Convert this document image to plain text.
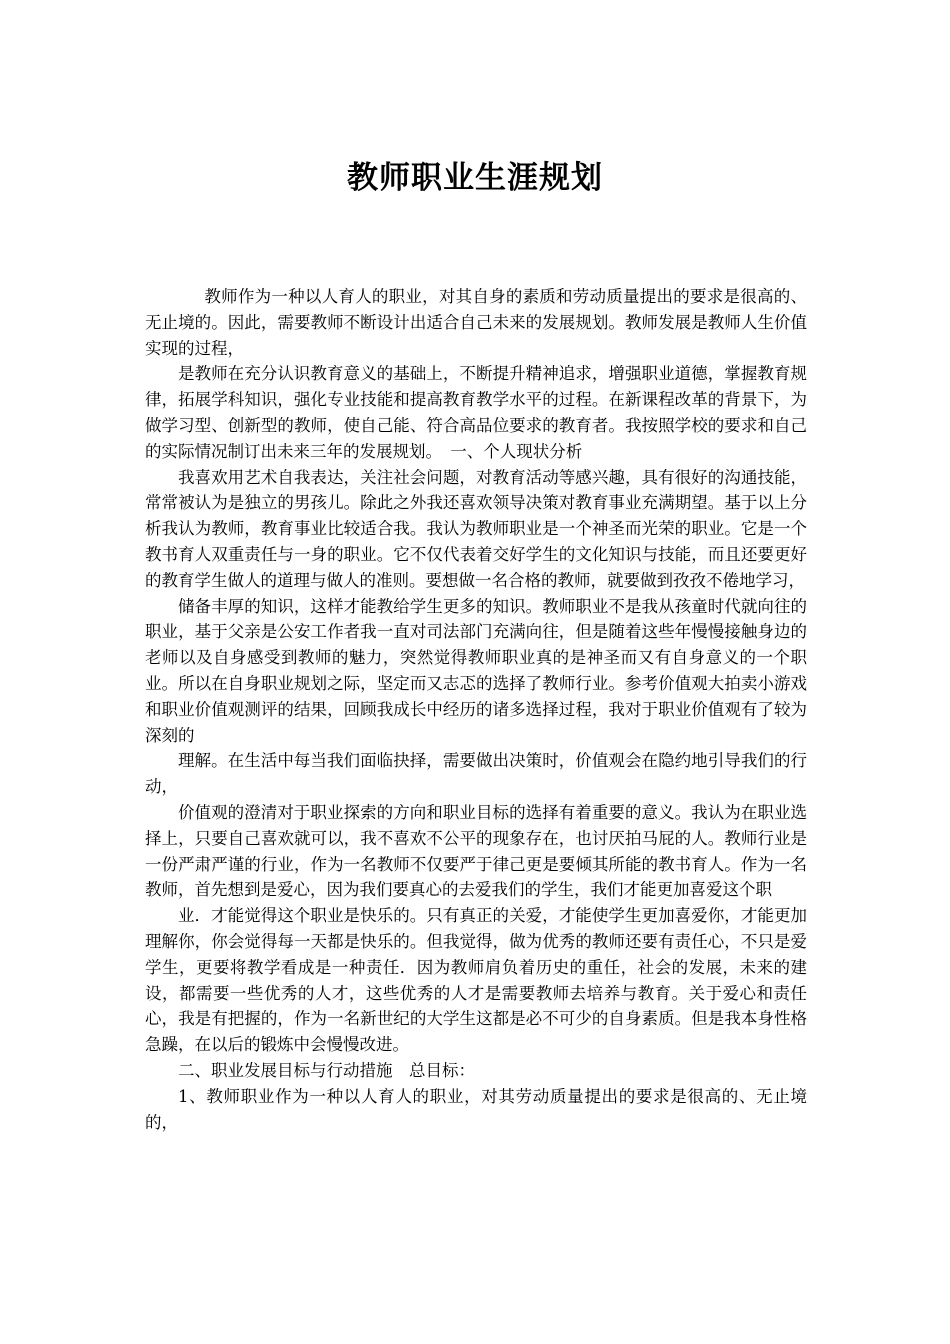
教师职业生涯规划

教师作为一种以人育人的职业，对其自身的素质和劳动质量提出的要求是很高的、无止境的。因此，需要教师不断设计出适合自己未来的发展规划。教师发展是教师人生价值实现的过程，

是教师在充分认识教育意义的基础上，不断提升精神追求，增强职业道德，掌握教育规律，拓展学科知识，强化专业技能和提高教育教学水平的过程。在新课程改革的背景下，为做学习型、创新型的教师，使自己能、符合高品位要求的教育者。我按照学校的要求和自己的实际情况制订出未来三年的发展规划。　一、个人现状分析

我喜欢用艺术自我表达，关注社会问题，对教育活动等感兴趣，具有很好的沟通技能，常常被认为是独立的男孩儿。除此之外我还喜欢领导决策对教育事业充满期望。基于以上分析我认为教师，教育事业比较适合我。我认为教师职业是一个神圣而光荣的职业。它是一个教书育人双重责任与一身的职业。它不仅代表着交好学生的文化知识与技能，而且还要更好的教育学生做人的道理与做人的准则。要想做一名合格的教师，就要做到孜孜不倦地学习，

储备丰厚的知识，这样才能教给学生更多的知识。教师职业不是我从孩童时代就向往的职业，基于父亲是公安工作者我一直对司法部门充满向往，但是随着这些年慢慢接触身边的老师以及自身感受到教师的魅力，突然觉得教师职业真的是神圣而又有自身意义的一个职业。所以在自身职业规划之际，坚定而又志忑的选择了教师行业。参考价值观大拍卖小游戏和职业价值观测评的结果，回顾我成长中经历的诸多选择过程，我对于职业价值观有了较为深刻的

理解。在生活中每当我们面临抉择，需要做出决策时，价值观会在隐约地引导我们的行动，

价值观的澄清对于职业探索的方向和职业目标的选择有着重要的意义。我认为在职业选择上，只要自己喜欢就可以，我不喜欢不公平的现象存在，也讨厌拍马屁的人。教师行业是一份严肃严谨的行业，作为一名教师不仅要严于律己更是要倾其所能的教书育人。作为一名教师，首先想到是爱心，因为我们要真心的去爱我们的学生，我们才能更加喜爱这个职

业．才能觉得这个职业是快乐的。只有真正的关爱，才能使学生更加喜爱你，才能更加理解你，你会觉得每一天都是快乐的。但我觉得，做为优秀的教师还要有责任心，不只是爱学生，更要将教学看成是一种责任．因为教师肩负着历史的重任，社会的发展，未来的建设，都需要一些优秀的人才，这些优秀的人才是需要教师去培养与教育。关于爱心和责任心，我是有把握的，作为一名新世纪的大学生这都是必不可少的自身素质。但是我本身性格急躁，在以后的锻炼中会慢慢改进。

二、职业发展目标与行动措施　总目标：

1、教师职业作为一种以人育人的职业，对其劳动质量提出的要求是很高的、无止境的，
